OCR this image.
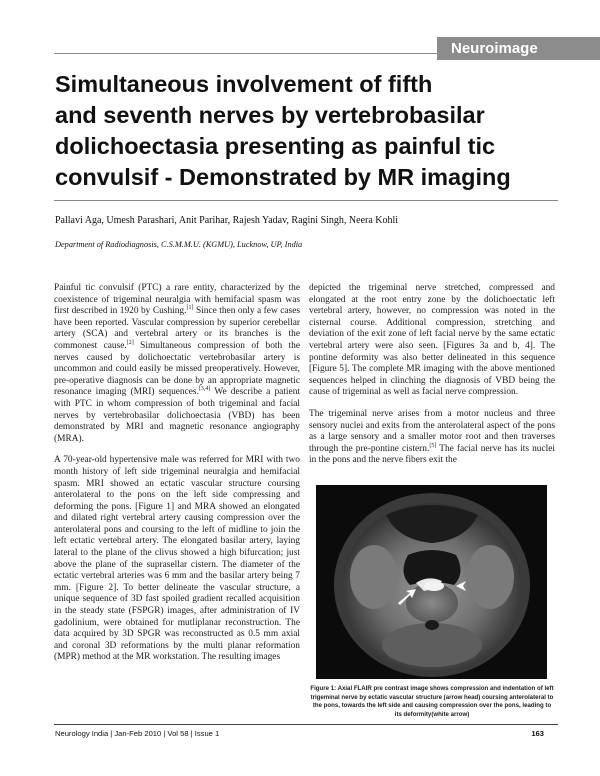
Neuroimage
Simultaneous involvement of fifth
and seventh nerves by vertebrobasilar
dolichoectasia presenting as painful tic
convulsif - Demonstrated by MR imaging
Pallavi Aga, Umesh Parashari, Anit Parihar, Rajesh Yadav, Ragini Singh, Neera Kohli
Department of Radiodiagnosis, C.S.M.M.U. (KGMU), Lucknow, UP, India

Painful tic convulsif (PTC) a rare entity, characterized by the coexistence of trigeminal neuralgia with hemifacial spasm was first described in 1920 by Cushing.[1] Since then only a few cases have been reported. Vascular compression by superior cerebellar artery (SCA) and vertebral artery or its branches is the commonest cause.[2] Simultaneous compression of both the nerves caused by dolichoectatic vertebrobasilar artery is uncommon and could easily be missed preoperatively. However, pre-operative diagnosis can be done by an appropriate magnetic resonance imaging (MRI) sequences.[3,4] We describe a patient with PTC in whom compression of both trigeminal and facial nerves by vertebrobasilar dolichoectasia (VBD) has been demonstrated by MRI and magnetic resonance angiography (MRA).

A 70-year-old hypertensive male was referred for MRI with two month history of left side trigeminal neuralgia and hemifacial spasm. MRI showed an ectatic vascular structure coursing anterolateral to the pons on the left side compressing and deforming the pons. [Figure 1] and MRA showed an elongated and dilated right vertebral artery causing compression over the anterolateral pons and coursing to the left of midline to join the left ectatic vertebral artery. The elongated basilar artery, laying lateral to the plane of the clivus showed a high bifurcation; just above the plane of the suprasellar cistern. The diameter of the ectatic vertebral arteries was 6 mm and the basilar artery being 7 mm. [Figure 2]. To better delineate the vascular structure, a unique sequence of 3D fast spoiled gradient recalled acquisition in the steady state (FSPGR) images, after administration of IV gadolinium, were obtained for mutliplanar reconstruction. The data acquired by 3D SPGR was reconstructed as 0.5 mm axial and coronal 3D reformations by the multi planar reformation (MPR) method at the MR workstation. The resulting images

depicted the trigeminal nerve stretched, compressed and elongated at the root entry zone by the dolichoectatic left vertebral artery, however, no compression was noted in the cisternal course. Additional compression, stretching and deviation of the exit zone of left facial nerve by the same ectatic vertebral artery were also seen. [Figures 3a and b, 4]. The pontine deformity was also better delineated in this sequence [Figure 5]. The complete MR imaging with the above mentioned sequences helped in clinching the diagnosis of VBD being the cause of trigeminal as well as facial nerve compression.

The trigeminal nerve arises from a motor nucleus and three sensory nuclei and exits from the anterolateral aspect of the pons as a large sensory and a smaller motor root and then traverses through the pre-pontine cistern.[5] The facial nerve has its nuclei in the pons and the nerve fibers exit the

Figure 1: Axial FLAIR pre contrast image shows compression and indentation of left trigeminal nerve by ectatic vascular structure (arrow head) coursing anterolateral to the pons, towards the left side and causing compression over the pons, leading to its deformity(white arrow)
Neurology India | Jan-Feb 2010 | Vol 58 | Issue 1	163
